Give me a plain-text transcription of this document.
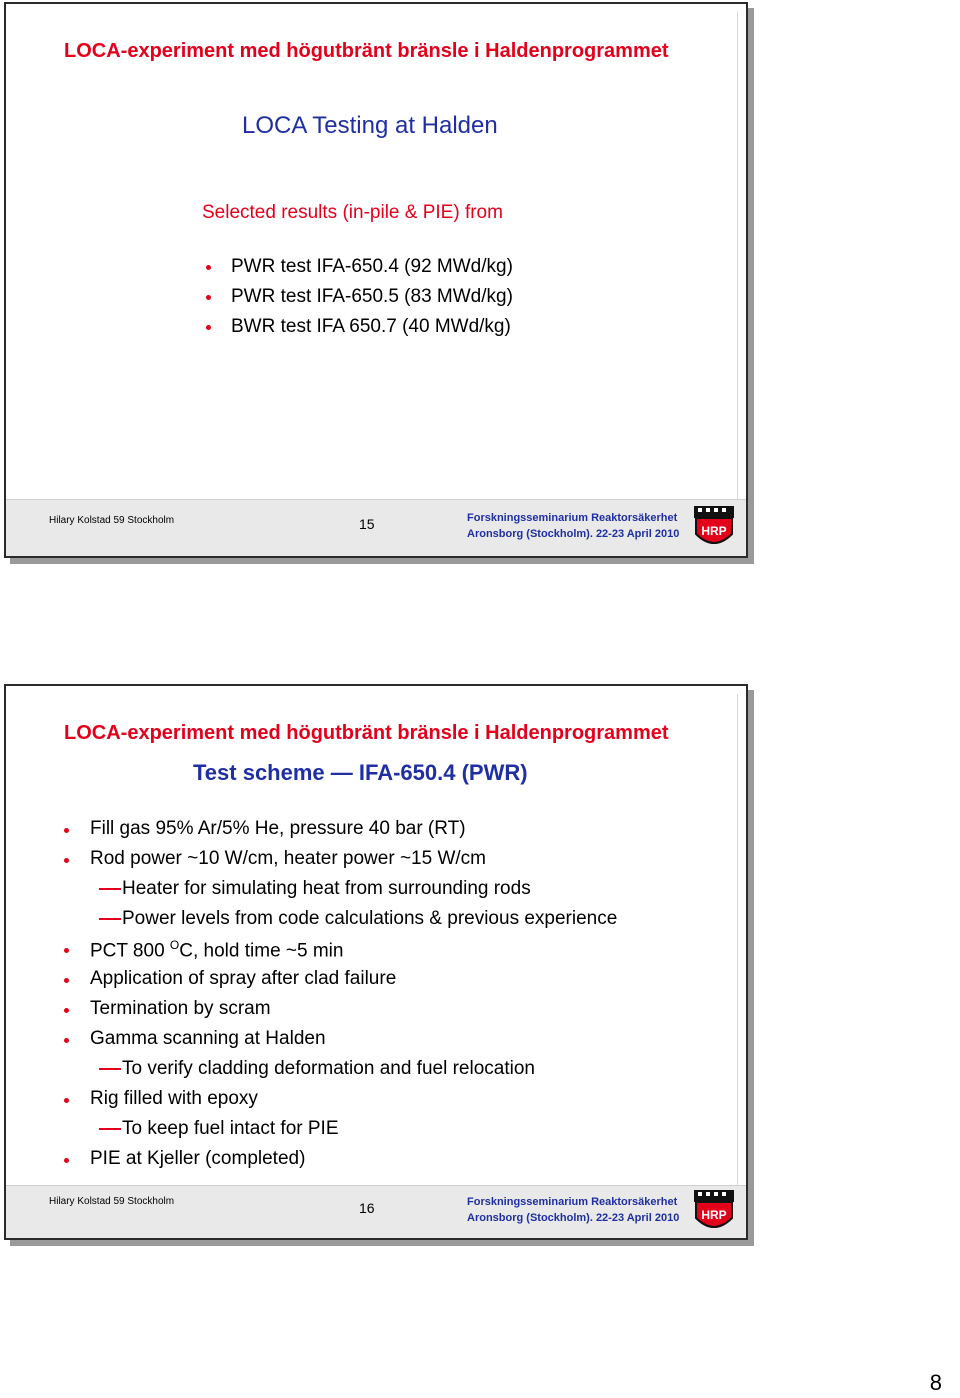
LOCA-experiment med högutbränt bränsle i Haldenprogrammet
LOCA Testing at Halden
Selected results (in-pile & PIE) from
PWR test IFA-650.4 (92 MWd/kg)
PWR test IFA-650.5 (83 MWd/kg)
BWR test IFA 650.7 (40 MWd/kg)
Hilary Kolstad 59 Stockholm	15	Forskningsseminarium Reaktorsäkerhet
Aronsborg (Stockholm). 22-23 April 2010 HRP
LOCA-experiment med högutbränt bränsle i Haldenprogrammet
Test scheme — IFA-650.4 (PWR)
Fill gas 95% Ar/5% He, pressure 40 bar (RT)
Rod power ~10 W/cm, heater power ~15 W/cm
Heater for simulating heat from surrounding rods
Power levels from code calculations & previous experience
PCT 800 $^O$C, hold time ~5 min
Application of spray after clad failure
Termination by scram
Gamma scanning at Halden
To verify cladding deformation and fuel relocation
Rig filled with epoxy
To keep fuel intact for PIE
PIE at Kjeller (completed)
Hilary Kolstad 59 Stockholm	16	Forskningsseminarium Reaktorsäkerhet
Aronsborg (Stockholm). 22-23 April 2010 HRP
8
